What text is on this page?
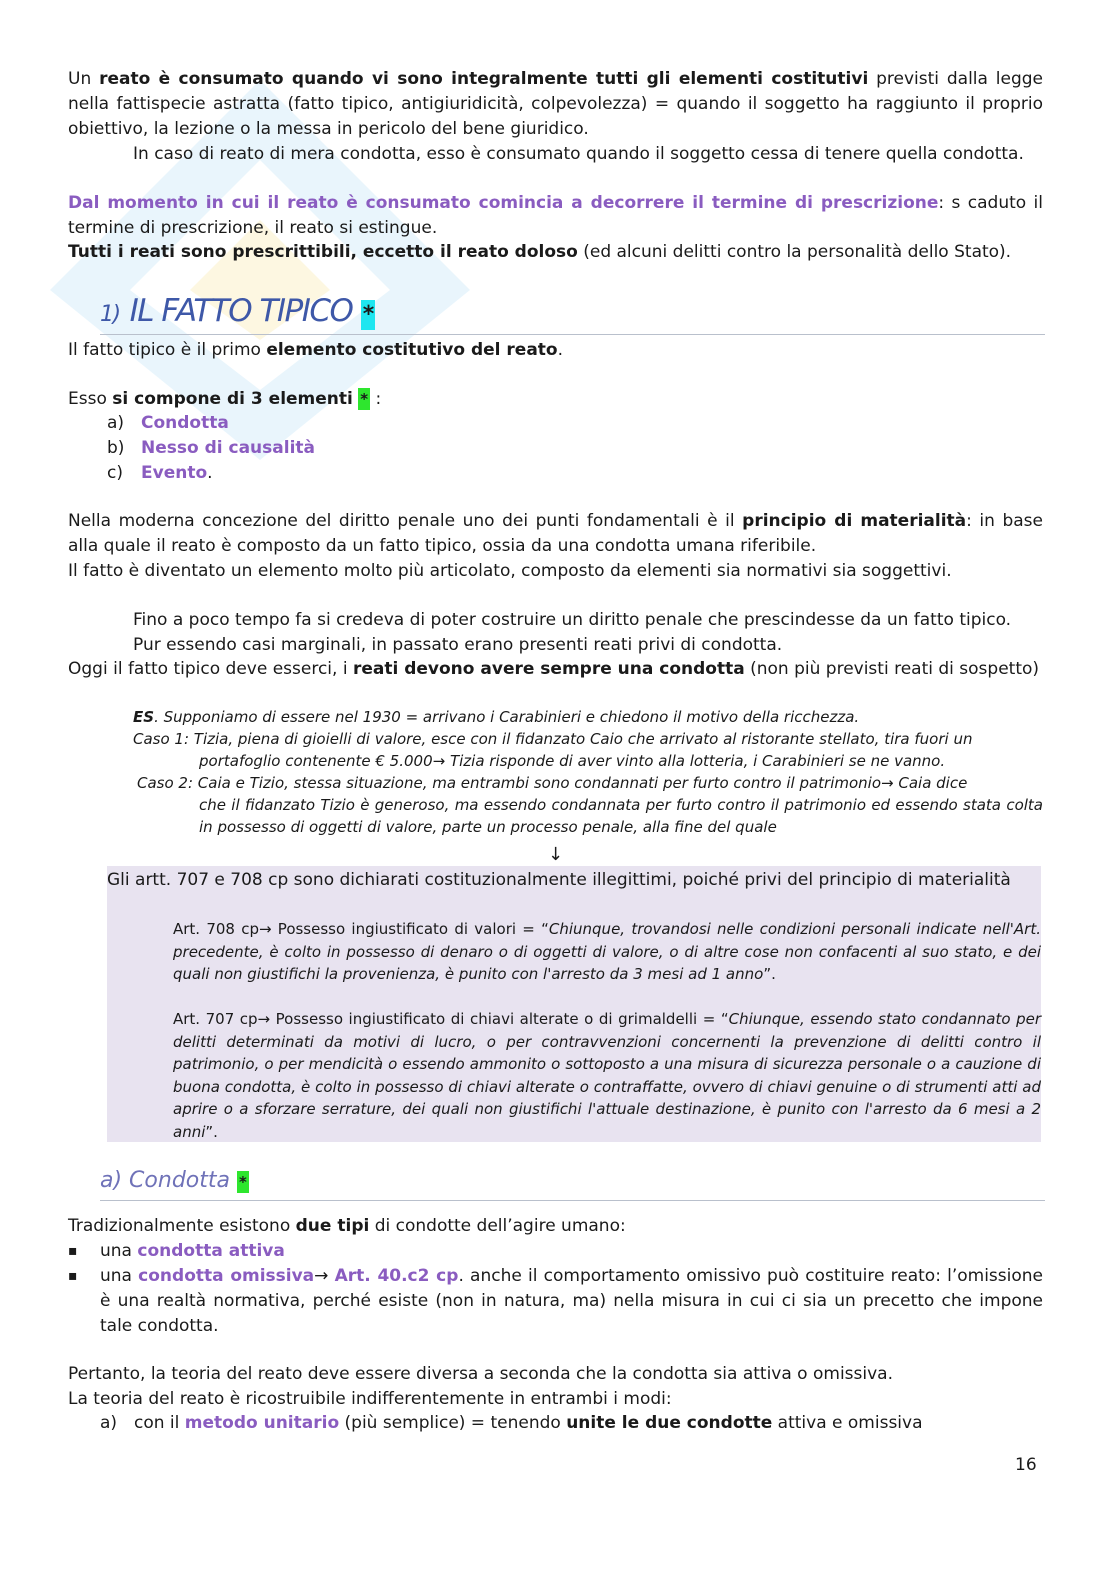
Un reato è consumato quando vi sono integralmente tutti gli elementi costitutivi previsti dalla legge nella fattispecie astratta (fatto tipico, antigiuridicità, colpevolezza) = quando il soggetto ha raggiunto il proprio obiettivo, la lezione o la messa in pericolo del bene giuridico.

In caso di reato di mera condotta, esso è consumato quando il soggetto cessa di tenere quella condotta.

Dal momento in cui il reato è consumato comincia a decorrere il termine di prescrizione: s caduto il termine di prescrizione, il reato si estingue.

Tutti i reati sono prescrittibili, eccetto il reato doloso (ed alcuni delitti contro la personalità dello Stato).

1) IL FATTO TIPICO *

Il fatto tipico è il primo elemento costitutivo del reato.

Esso si compone di 3 elementi * :

a) Condotta
b) Nesso di causalità
c) Evento.

Nella moderna concezione del diritto penale uno dei punti fondamentali è il principio di materialità: in base alla quale il reato è composto da un fatto tipico, ossia da una condotta umana riferibile.

Il fatto è diventato un elemento molto più articolato, composto da elementi sia normativi sia soggettivi.

Fino a poco tempo fa si credeva di poter costruire un diritto penale che prescindesse da un fatto tipico.

Pur essendo casi marginali, in passato erano presenti reati privi di condotta.

Oggi il fatto tipico deve esserci, i reati devono avere sempre una condotta (non più previsti reati di sospetto)

ES. Supponiamo di essere nel 1930 = arrivano i Carabinieri e chiedono il motivo della ricchezza.
Caso 1: Tizia, piena di gioielli di valore, esce con il fidanzato Caio che arrivato al ristorante stellato, tira fuori un
portafoglio contenente € 5.000→ Tizia risponde di aver vinto alla lotteria, i Carabinieri se ne vanno.
Caso 2: Caia e Tizio, stessa situazione, ma entrambi sono condannati per furto contro il patrimonio→ Caia dice
che il fidanzato Tizio è generoso, ma essendo condannata per furto contro il patrimonio ed essendo stata colta in possesso di oggetti di valore, parte un processo penale, alla fine del quale
↓
Gli artt. 707 e 708 cp sono dichiarati costituzionalmente illegittimi, poiché privi del principio di materialità
Art. 708 cp→ Possesso ingiustificato di valori = “Chiunque, trovandosi nelle condizioni personali indicate nell'Art. precedente, è colto in possesso di denaro o di oggetti di valore, o di altre cose non confacenti al suo stato, e dei quali non giustifichi la provenienza, è punito con l'arresto da 3 mesi ad 1 anno”.
Art. 707 cp→ Possesso ingiustificato di chiavi alterate o di grimaldelli = “Chiunque, essendo stato condannato per delitti determinati da motivi di lucro, o per contravvenzioni concernenti la prevenzione di delitti contro il patrimonio, o per mendicità o essendo ammonito o sottoposto a una misura di sicurezza personale o a cauzione di buona condotta, è colto in possesso di chiavi alterate o contraffatte, ovvero di chiavi genuine o di strumenti atti ad aprire o a sforzare serrature, dei quali non giustifichi l'attuale destinazione, è punito con l'arresto da 6 mesi a 2 anni”.
a) Condotta *

Tradizionalmente esistono due tipi di condotte dell’agire umano:

▪ una condotta attiva
▪ una condotta omissiva→ Art. 40.c2 cp. anche il comportamento omissivo può costituire reato: l’omissione è una realtà normativa, perché esiste (non in natura, ma) nella misura in cui ci sia un precetto che impone tale condotta.

Pertanto, la teoria del reato deve essere diversa a seconda che la condotta sia attiva o omissiva.

La teoria del reato è ricostruibile indifferentemente in entrambi i modi:

a) con il metodo unitario (più semplice) = tenendo unite le due condotte attiva e omissiva
16
